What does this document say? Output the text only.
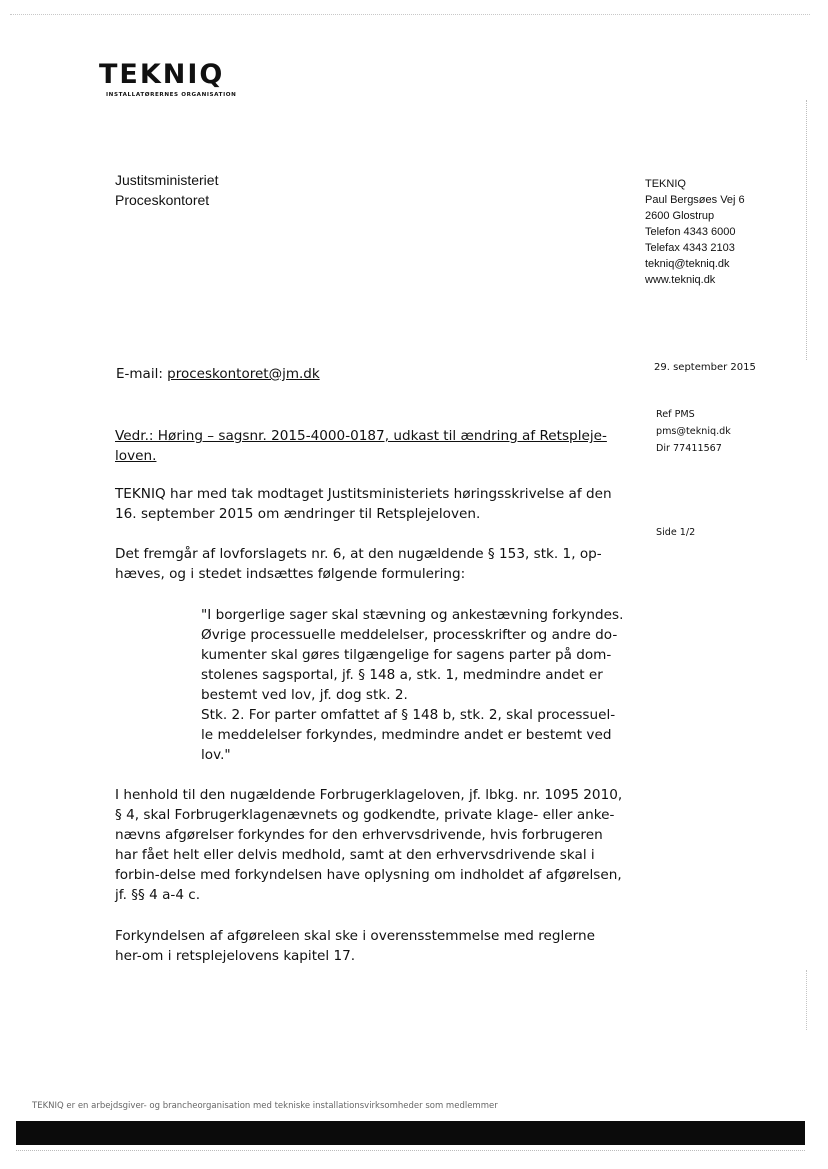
TEKNIQ
INSTALLATØRERNES ORGANISATION
Justitsministeriet
Proceskontoret
TEKNIQ
Paul Bergsøes Vej 6
2600 Glostrup
Telefon 4343 6000
Telefax 4343 2103
tekniq@tekniq.dk
www.tekniq.dk
E-mail: proceskontoret@jm.dk	29. september 2015
Ref PMS
pms@tekniq.dk
Dir 77411567
Side 1/2
Vedr.: Høring – sagsnr. 2015-4000-0187, udkast til ændring af Retspleje-loven.
TEKNIQ har med tak modtaget Justitsministeriets høringsskrivelse af den 16. september 2015 om ændringer til Retsplejeloven.
Det fremgår af lovforslagets nr. 6, at den nugældende § 153, stk. 1, op-hæves, og i stedet indsættes følgende formulering:
"I borgerlige sager skal stævning og ankestævning forkyndes. Øvrige processuelle meddelelser, processkrifter og andre do-kumenter skal gøres tilgængelige for sagens parter på dom-stolenes sagsportal, jf. § 148 a, stk. 1, medmindre andet er bestemt ved lov, jf. dog stk. 2.
Stk. 2. For parter omfattet af § 148 b, stk. 2, skal processuel-le meddelelser forkyndes, medmindre andet er bestemt ved lov."
I henhold til den nugældende Forbrugerklageloven, jf. lbkg. nr. 1095 2010, § 4, skal Forbrugerklagenævnets og godkendte, private klage- eller anke-nævns afgørelser forkyndes for den erhvervsdrivende, hvis forbrugeren har fået helt eller delvis medhold, samt at den erhvervsdrivende skal i forbin-delse med forkyndelsen have oplysning om indholdet af afgørelsen, jf. §§ 4 a-4 c.
Forkyndelsen af afgøreleen skal ske i overensstemmelse med reglerne her-om i retsplejelovens kapitel 17.
TEKNIQ er en arbejdsgiver- og brancheorganisation med tekniske installationsvirksomheder som medlemmer
